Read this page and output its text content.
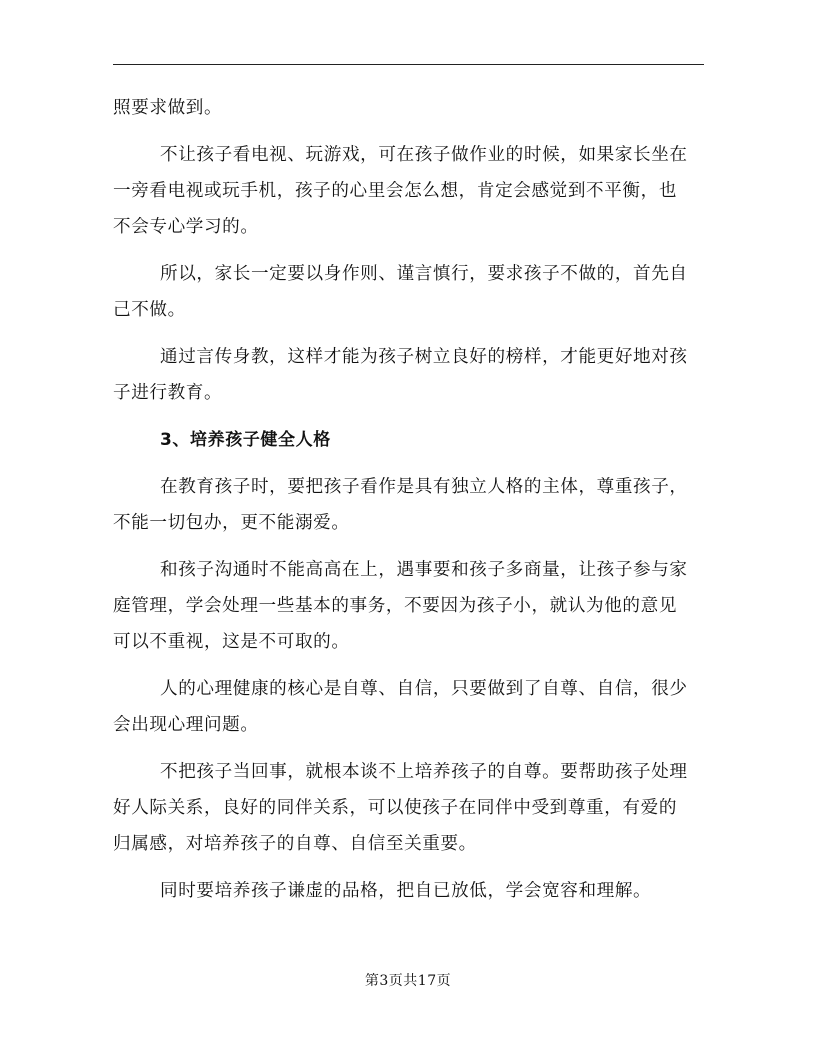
照要求做到。
不让孩子看电视、玩游戏，可在孩子做作业的时候，如果家长坐在
一旁看电视或玩手机，孩子的心里会怎么想，肯定会感觉到不平衡，也
不会专心学习的。
所以，家长一定要以身作则、谨言慎行，要求孩子不做的，首先自
己不做。
通过言传身教，这样才能为孩子树立良好的榜样，才能更好地对孩
子进行教育。
3、培养孩子健全人格
在教育孩子时，要把孩子看作是具有独立人格的主体，尊重孩子，
不能一切包办，更不能溺爱。
和孩子沟通时不能高高在上，遇事要和孩子多商量，让孩子参与家
庭管理，学会处理一些基本的事务，不要因为孩子小，就认为他的意见
可以不重视，这是不可取的。
人的心理健康的核心是自尊、自信，只要做到了自尊、自信，很少
会出现心理问题。
不把孩子当回事，就根本谈不上培养孩子的自尊。要帮助孩子处理
好人际关系，良好的同伴关系，可以使孩子在同伴中受到尊重，有爱的
归属感，对培养孩子的自尊、自信至关重要。
同时要培养孩子谦虚的品格，把自已放低，学会宽容和理解。
第3页共17页
